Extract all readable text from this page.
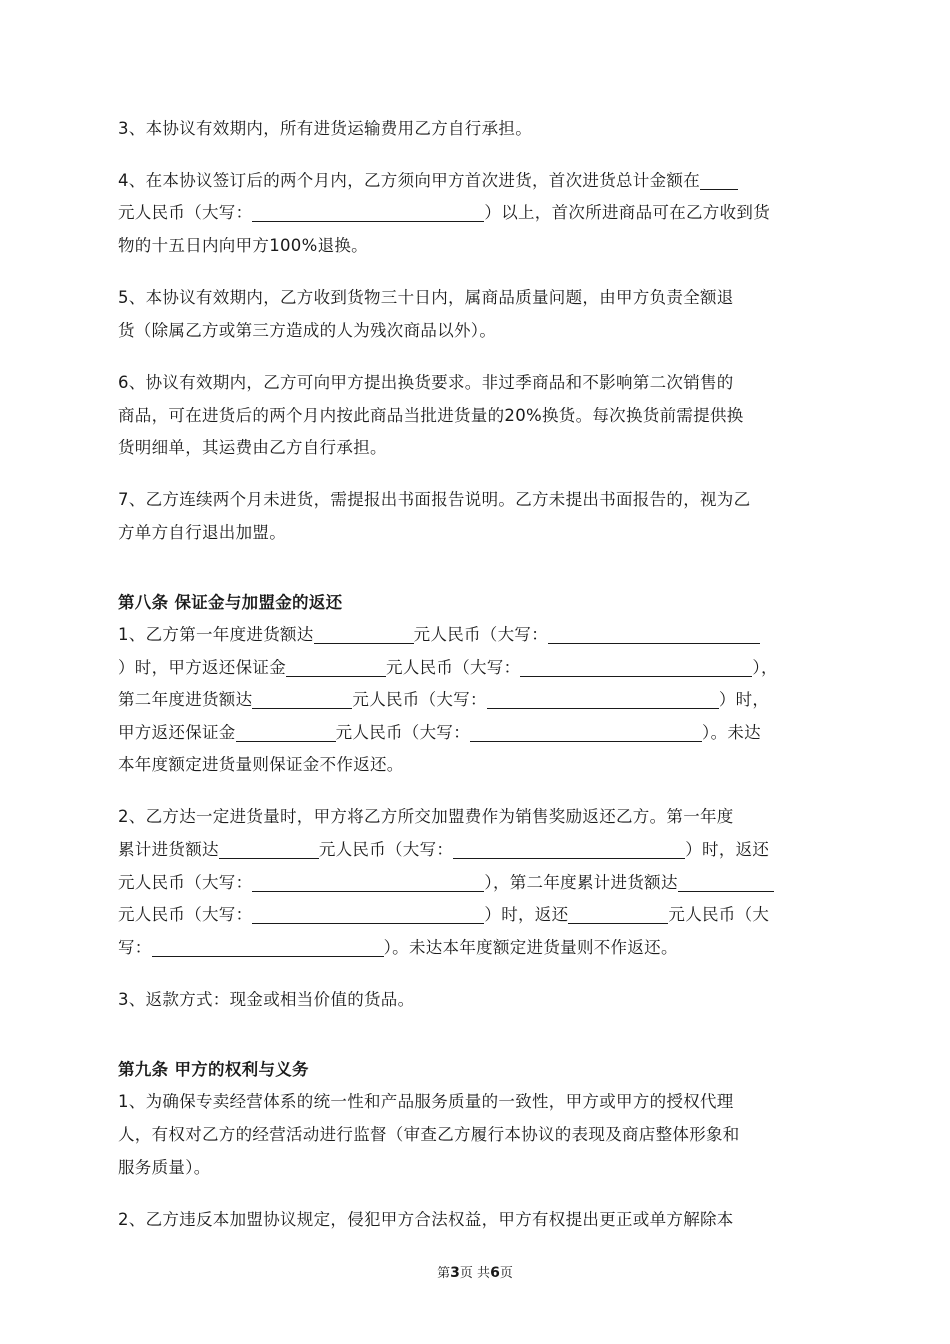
3、本协议有效期内，所有进货运输费用乙方自行承担。
4、在本协议签订后的两个月内，乙方须向甲方首次进货，首次进货总计金额在
元人民币（大写：	）以上，首次所进商品可在乙方收到货
物的十五日内向甲方100%退换。
5、本协议有效期内，乙方收到货物三十日内，属商品质量问题，由甲方负责全额退
货（除属乙方或第三方造成的人为残次商品以外）。
6、协议有效期内，乙方可向甲方提出换货要求。非过季商品和不影响第二次销售的
商品，可在进货后的两个月内按此商品当批进货量的20%换货。每次换货前需提供换
货明细单，其运费由乙方自行承担。
7、乙方连续两个月未进货，需提报出书面报告说明。乙方未提出书面报告的，视为乙
方单方自行退出加盟。
第八条 保证金与加盟金的返还
1、乙方第一年度进货额达	元人民币（大写：
）时，甲方返还保证金	元人民币（大写：	），
第二年度进货额达	元人民币（大写：	）时，
甲方返还保证金	元人民币（大写：	）。未达
本年度额定进货量则保证金不作返还。
2、乙方达一定进货量时，甲方将乙方所交加盟费作为销售奖励返还乙方。第一年度
累计进货额达	元人民币（大写：	）时，返还
元人民币（大写：	），第二年度累计进货额达
元人民币（大写：	）时，返还	元人民币（大
写：	）。未达本年度额定进货量则不作返还。
3、返款方式：现金或相当价值的货品。
第九条 甲方的权利与义务
1、为确保专卖经营体系的统一性和产品服务质量的一致性，甲方或甲方的授权代理
人，有权对乙方的经营活动进行监督（审查乙方履行本协议的表现及商店整体形象和
服务质量）。
2、乙方违反本加盟协议规定，侵犯甲方合法权益，甲方有权提出更正或单方解除本
第3页 共6页
